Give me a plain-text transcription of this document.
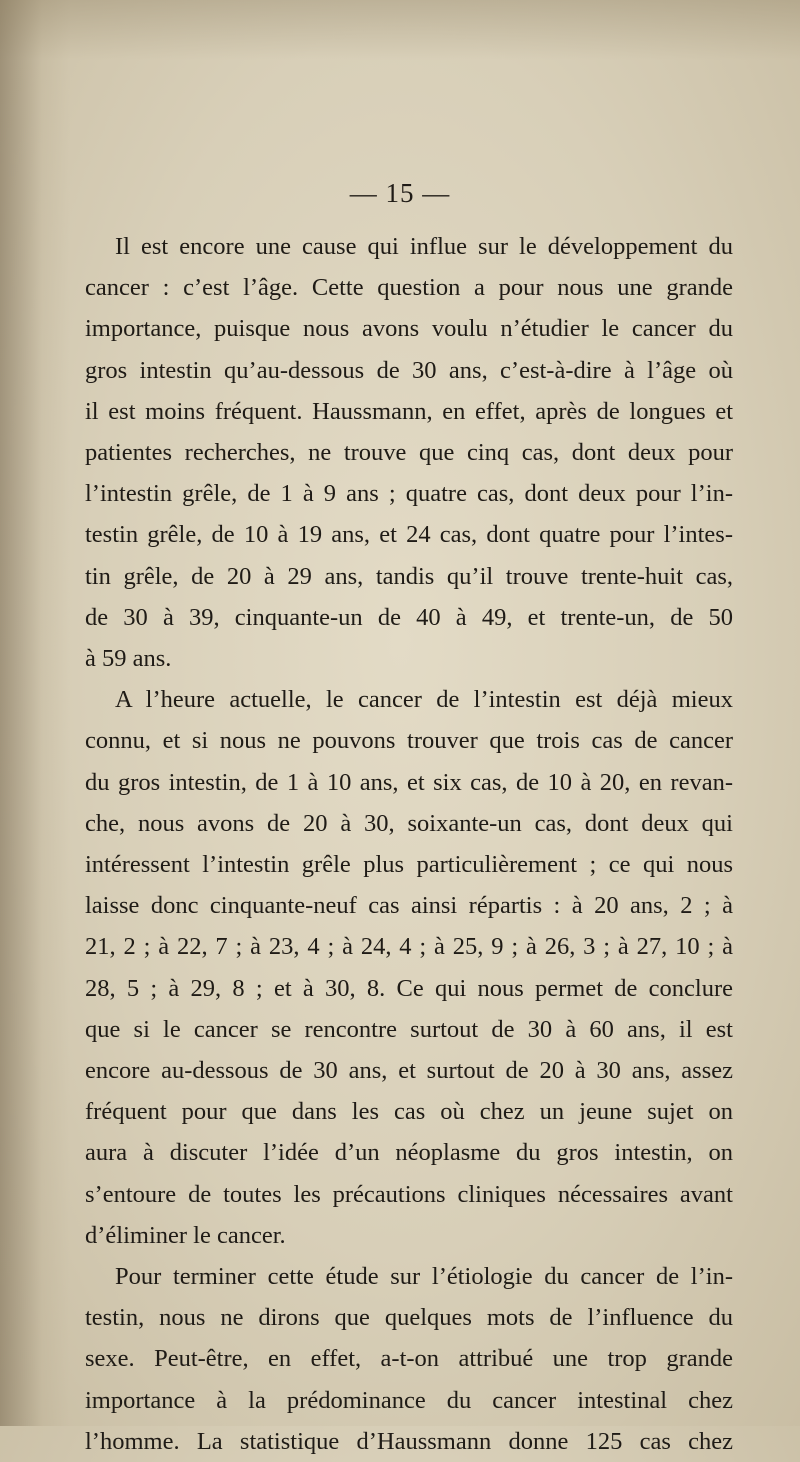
— 15 —
Il est encore une cause qui influe sur le développement du
cancer : c’est l’âge. Cette question a pour nous une grande
importance, puisque nous avons voulu n’étudier le cancer du
gros intestin qu’au-dessous de 30 ans, c’est-à-dire à l’âge où
il est moins fréquent. Haussmann, en effet, après de longues et
patientes recherches, ne trouve que cinq cas, dont deux pour
l’intestin grêle, de 1 à 9 ans ; quatre cas, dont deux pour l’in-
testin grêle, de 10 à 19 ans, et 24 cas, dont quatre pour l’intes-
tin grêle, de 20 à 29 ans, tandis qu’il trouve trente-huit cas,
de 30 à 39, cinquante-un de 40 à 49, et trente-un, de 50
à 59 ans.
A l’heure actuelle, le cancer de l’intestin est déjà mieux
connu, et si nous ne pouvons trouver que trois cas de cancer
du gros intestin, de 1 à 10 ans, et six cas, de 10 à 20, en revan-
che, nous avons de 20 à 30, soixante-un cas, dont deux qui
intéressent l’intestin grêle plus particulièrement ; ce qui nous
laisse donc cinquante-neuf cas ainsi répartis : à 20 ans, 2 ; à
21, 2 ; à 22, 7 ; à 23, 4 ; à 24, 4 ; à 25, 9 ; à 26, 3 ; à 27, 10 ; à
28, 5 ; à 29, 8 ; et à 30, 8. Ce qui nous permet de conclure
que si le cancer se rencontre surtout de 30 à 60 ans, il est
encore au-dessous de 30 ans, et surtout de 20 à 30 ans, assez
fréquent pour que dans les cas où chez un jeune sujet on
aura à discuter l’idée d’un néoplasme du gros intestin, on
s’entoure de toutes les précautions cliniques nécessaires avant
d’éliminer le cancer.
Pour terminer cette étude sur l’étiologie du cancer de l’in-
testin, nous ne dirons que quelques mots de l’influence du
sexe. Peut-être, en effet, a-t-on attribué une trop grande
importance à la prédominance du cancer intestinal chez
l’homme. La statistique d’Haussmann donne 125 cas chez
